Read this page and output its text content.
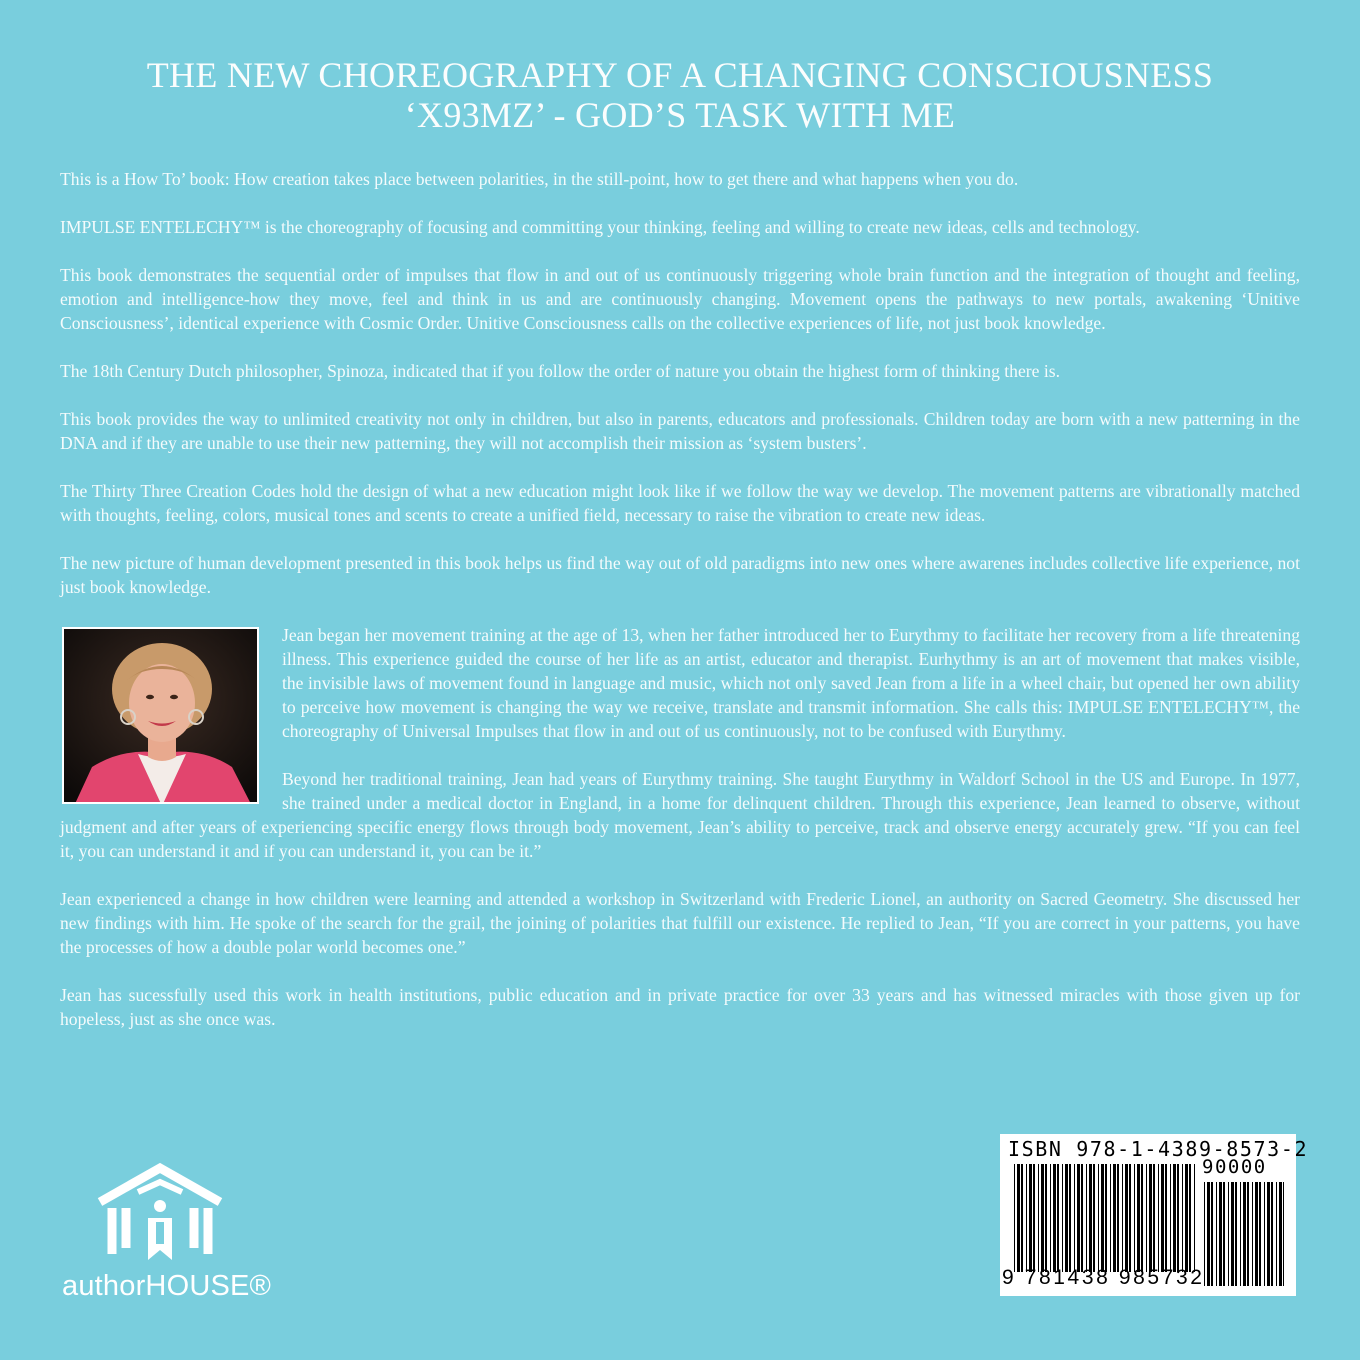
THE NEW CHOREOGRAPHY OF A CHANGING CONSCIOUSNESS
‘X93MZ’ - GOD’S TASK WITH ME

This is a How To’ book: How creation takes place between polarities, in the still-point, how to get there and what happens when you do.

IMPULSE ENTELECHY™ is the choreography of focusing and committing your thinking, feeling and willing to create new ideas, cells and technology.

This book demonstrates the sequential order of impulses that flow in and out of us continuously triggering whole brain function and the integration of thought and feeling, emotion and intelligence-how they move, feel and think in us and are continuously changing. Movement opens the pathways to new portals, awakening ‘Unitive Consciousness’, identical experience with Cosmic Order. Unitive Consciousness calls on the collective experiences of life, not just book knowledge.

The 18th Century Dutch philosopher, Spinoza, indicated that if you follow the order of nature you obtain the highest form of thinking there is.

This book provides the way to unlimited creativity not only in children, but also in parents, educators and professionals. Children today are born with a new patterning in the DNA and if they are unable to use their new patterning, they will not accomplish their mission as ‘system busters’.

The Thirty Three Creation Codes hold the design of what a new education might look like if we follow the way we develop. The movement patterns are vibrationally matched with thoughts, feeling, colors, musical tones and scents to create a unified field, necessary to raise the vibration to create new ideas.

The new picture of human development presented in this book helps us find the way out of old paradigms into new ones where awarenes includes collective life experience, not just book knowledge.

Jean began her movement training at the age of 13, when her father introduced her to Eurythmy to facilitate her recovery from a life threatening illness. This experience guided the course of her life as an artist, educator and therapist. Eurhythmy is an art of movement that makes visible, the invisible laws of movement found in language and music, which not only saved Jean from a life in a wheel chair, but opened her own ability to perceive how movement is changing the way we receive, translate and transmit information. She calls this: IMPULSE ENTELECHY™, the choreography of Universal Impulses that flow in and out of us continuously, not to be confused with Eurythmy.

Beyond her traditional training, Jean had years of Eurythmy training. She taught Eurythmy in Waldorf School in the US and Europe. In 1977, she trained under a medical doctor in England, in a home for delinquent children. Through this experience, Jean learned to observe, without judgment and after years of experiencing specific energy flows through body movement, Jean’s ability to perceive, track and observe energy accurately grew. “If you can feel it, you can understand it and if you can understand it, you can be it.”

Jean experienced a change in how children were learning and attended a workshop in Switzerland with Frederic Lionel, an authority on Sacred Geometry. She discussed her new findings with him. He spoke of the search for the grail, the joining of polarities that fulfill our existence. He replied to Jean, “If you are correct in your patterns, you have the processes of how a double polar world becomes one.”

Jean has sucessfully used this work in health institutions, public education and in private practice for over 33 years and has witnessed miracles with those given up for hopeless, just as she once was.

authorHOUSE®
ISBN 978-1-4389-8573-2
90000
9 781438 985732
